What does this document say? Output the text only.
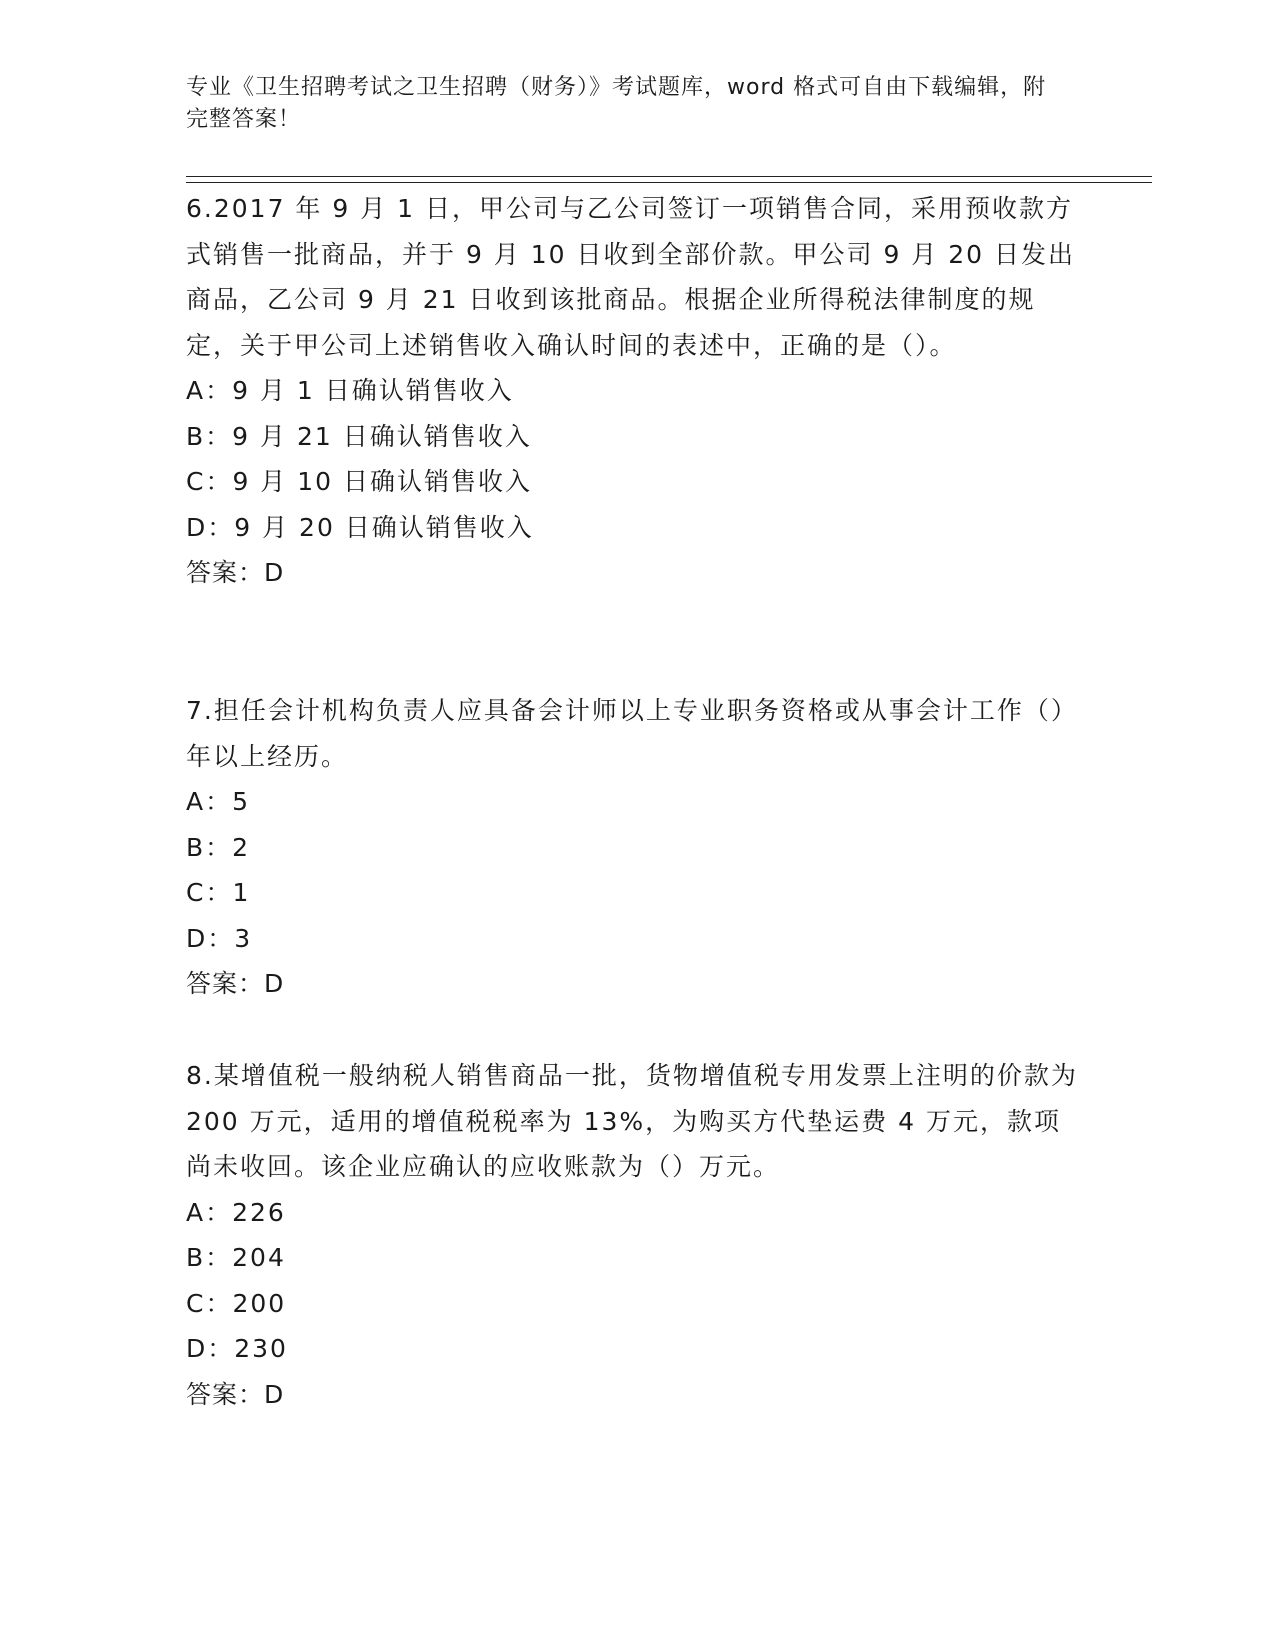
专业《卫生招聘考试之卫生招聘（财务）》考试题库，word 格式可自由下载编辑，附完整答案！

6.2017 年 9 月 1 日，甲公司与乙公司签订一项销售合同，采用预收款方式销售一批商品，并于 9 月 10 日收到全部价款。甲公司 9 月 20 日发出商品，乙公司 9 月 21 日收到该批商品。根据企业所得税法律制度的规定，关于甲公司上述销售收入确认时间的表述中，正确的是（）。

A：9 月 1 日确认销售收入

B：9 月 21 日确认销售收入

C：9 月 10 日确认销售收入

D：9 月 20 日确认销售收入

答案：D

7.担任会计机构负责人应具备会计师以上专业职务资格或从事会计工作（）年以上经历。

A：5

B：2

C：1

D：3

答案：D

8.某增值税一般纳税人销售商品一批，货物增值税专用发票上注明的价款为 200 万元，适用的增值税税率为 13%，为购买方代垫运费 4 万元，款项尚未收回。该企业应确认的应收账款为（）万元。

A：226

B：204

C：200

D：230

答案：D
